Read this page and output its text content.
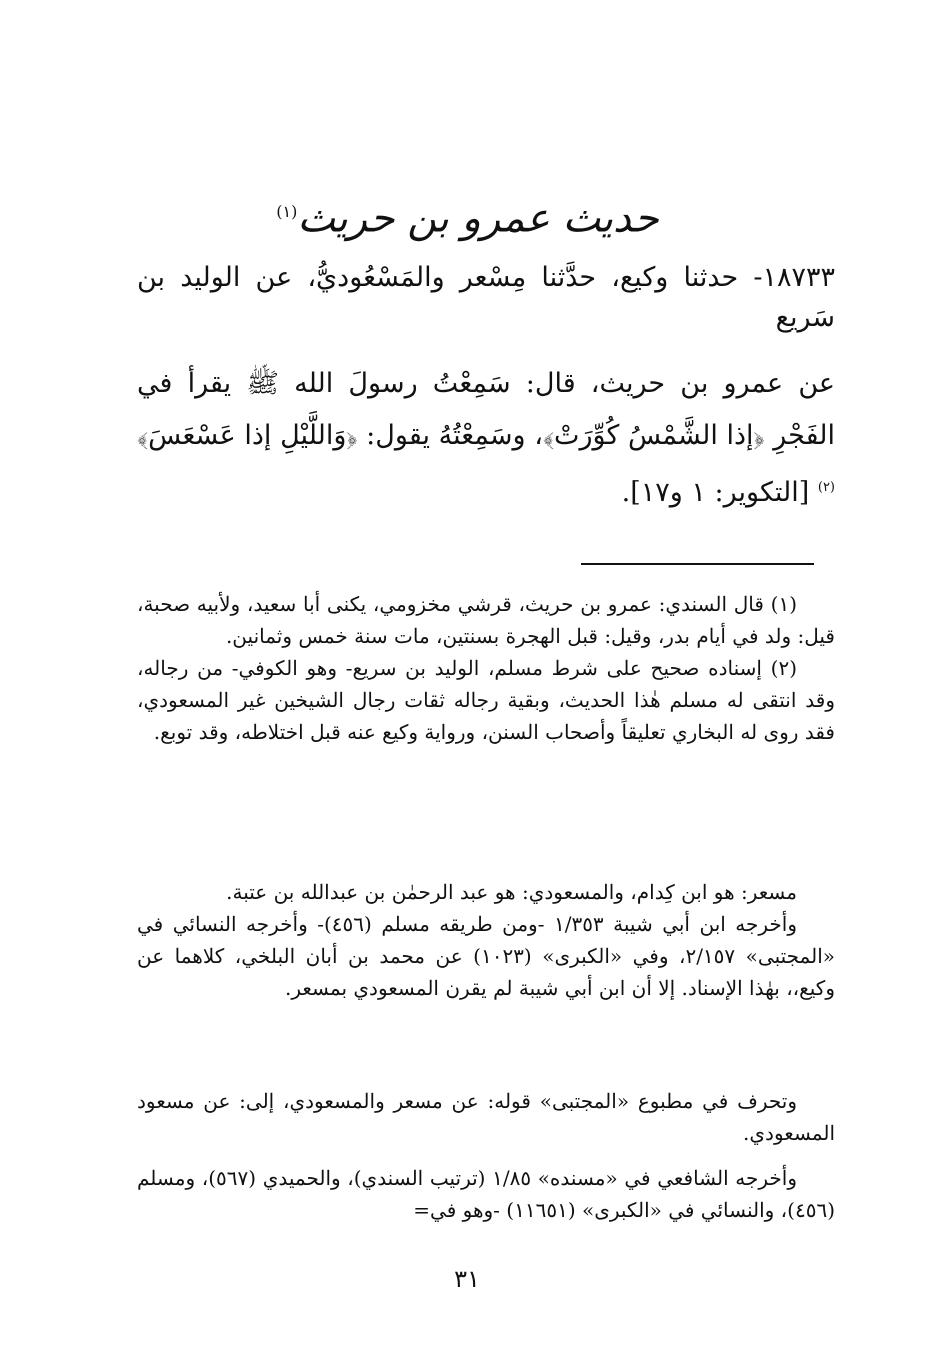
حديث عمرو بن حريث$^{(١)}$
١٨٧٣٣- حدثنا وكيع، حدَّثنا مِسْعر والمَسْعُوديُّ، عن الوليد بن سَريع
عن عمرو بن حريث، قال: سَمِعْتُ رسولَ الله ﷺ يقرأ في الفَجْرِ ﴿إذا الشَّمْسُ كُوِّرَتْ﴾، وسَمِعْتُهُ يقول: ﴿وَاللَّيْلِ إذا عَسْعَسَ﴾$^{(٢)}$ [التكوير: ١ و١٧].

(١) قال السندي: عمرو بن حريث، قرشي مخزومي، يكنى أبا سعيد، ولأبيه صحبة، قيل: ولد في أيام بدر، وقيل: قبل الهجرة بسنتين، مات سنة خمس وثمانين.

(٢) إسناده صحيح على شرط مسلم، الوليد بن سريع- وهو الكوفي- من رجاله، وقد انتقى له مسلم هٰذا الحديث، وبقية رجاله ثقات رجال الشيخين غير المسعودي، فقد روى له البخاري تعليقاً وأصحاب السنن، ورواية وكيع عنه قبل اختلاطه، وقد توبع.

مسعر: هو ابن كِدام، والمسعودي: هو عبد الرحمٰن بن عبدالله بن عتبة.

وأخرجه ابن أبي شيبة ١/٣٥٣ -ومن طريقه مسلم (٤٥٦)- وأخرجه النسائي في «المجتبى» ٢/١٥٧، وفي «الكبرى» (١٠٢٣) عن محمد بن أبان البلخي، كلاهما عن وكيع،، بهٰذا الإسناد. إلا أن ابن أبي شيبة لم يقرن المسعودي بمسعر.

وتحرف في مطبوع «المجتبى» قوله: عن مسعر والمسعودي، إلى: عن مسعود المسعودي.

وأخرجه الشافعي في «مسنده» ١/٨٥ (ترتيب السندي)، والحميدي (٥٦٧)، ومسلم (٤٥٦)، والنسائي في «الكبرى» (١١٦٥١) -وهو في=

٣١
